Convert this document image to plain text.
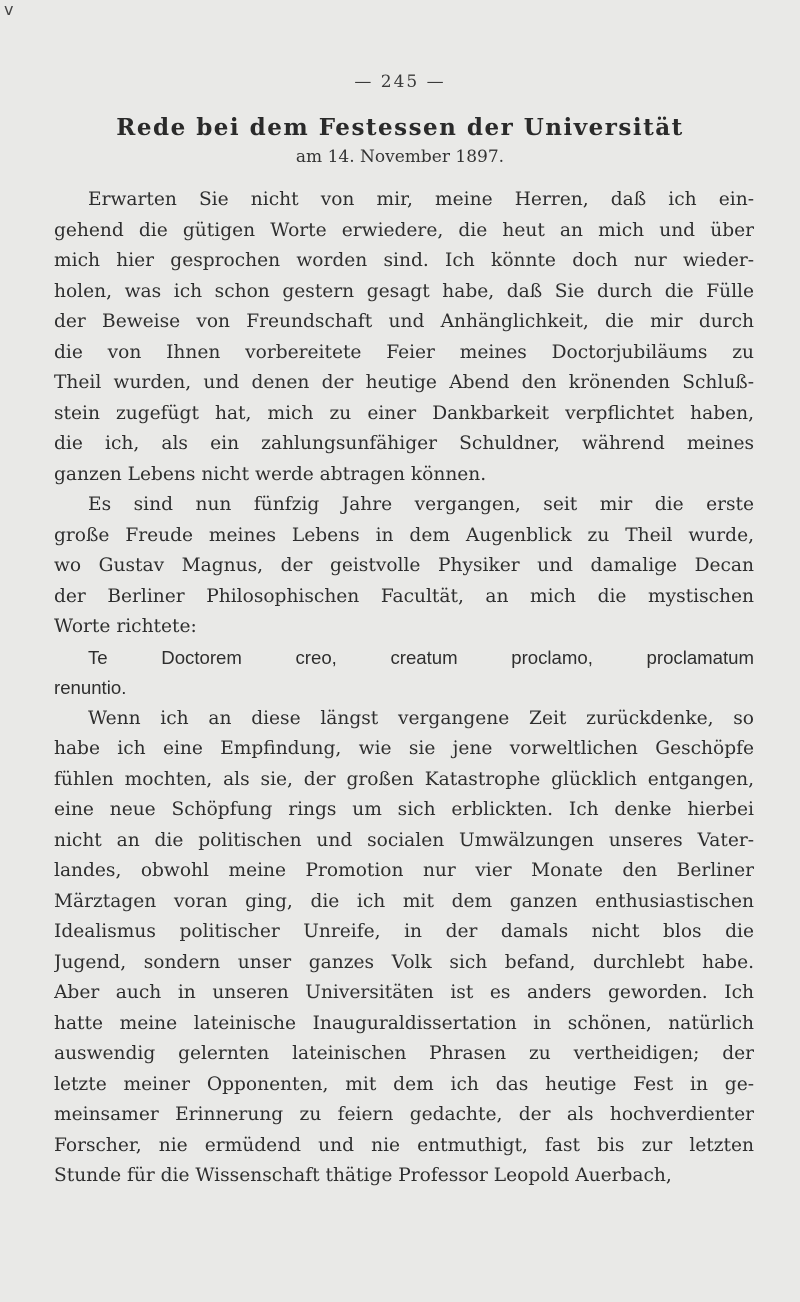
v
— 245 —
Rede bei dem Festessen der Universität
am 14. November 1897.
Erwarten Sie nicht von mir, meine Herren, daß ich ein-
gehend die gütigen Worte erwiedere, die heut an mich und über
mich hier gesprochen worden sind. Ich könnte doch nur wieder-
holen, was ich schon gestern gesagt habe, daß Sie durch die Fülle
der Beweise von Freundschaft und Anhänglichkeit, die mir durch
die von Ihnen vorbereitete Feier meines Doctorjubiläums zu
Theil wurden, und denen der heutige Abend den krönenden Schluß-
stein zugefügt hat, mich zu einer Dankbarkeit verpflichtet haben,
die ich, als ein zahlungsunfähiger Schuldner, während meines
ganzen Lebens nicht werde abtragen können.
Es sind nun fünfzig Jahre vergangen, seit mir die erste
große Freude meines Lebens in dem Augenblick zu Theil wurde,
wo Gustav Magnus, der geistvolle Physiker und damalige Decan
der Berliner Philosophischen Facultät, an mich die mystischen
Worte richtete:
Te Doctorem creo, creatum proclamo, proclamatum
renuntio.
Wenn ich an diese längst vergangene Zeit zurückdenke, so
habe ich eine Empfindung, wie sie jene vorweltlichen Geschöpfe
fühlen mochten, als sie, der großen Katastrophe glücklich entgangen,
eine neue Schöpfung rings um sich erblickten. Ich denke hierbei
nicht an die politischen und socialen Umwälzungen unseres Vater-
landes, obwohl meine Promotion nur vier Monate den Berliner
Märztagen voran ging, die ich mit dem ganzen enthusiastischen
Idealismus politischer Unreife, in der damals nicht blos die
Jugend, sondern unser ganzes Volk sich befand, durchlebt habe.
Aber auch in unseren Universitäten ist es anders geworden. Ich
hatte meine lateinische Inauguraldissertation in schönen, natürlich
auswendig gelernten lateinischen Phrasen zu vertheidigen; der
letzte meiner Opponenten, mit dem ich das heutige Fest in ge-
meinsamer Erinnerung zu feiern gedachte, der als hochverdienter
Forscher, nie ermüdend und nie entmuthigt, fast bis zur letzten
Stunde für die Wissenschaft thätige Professor Leopold Auerbach,
